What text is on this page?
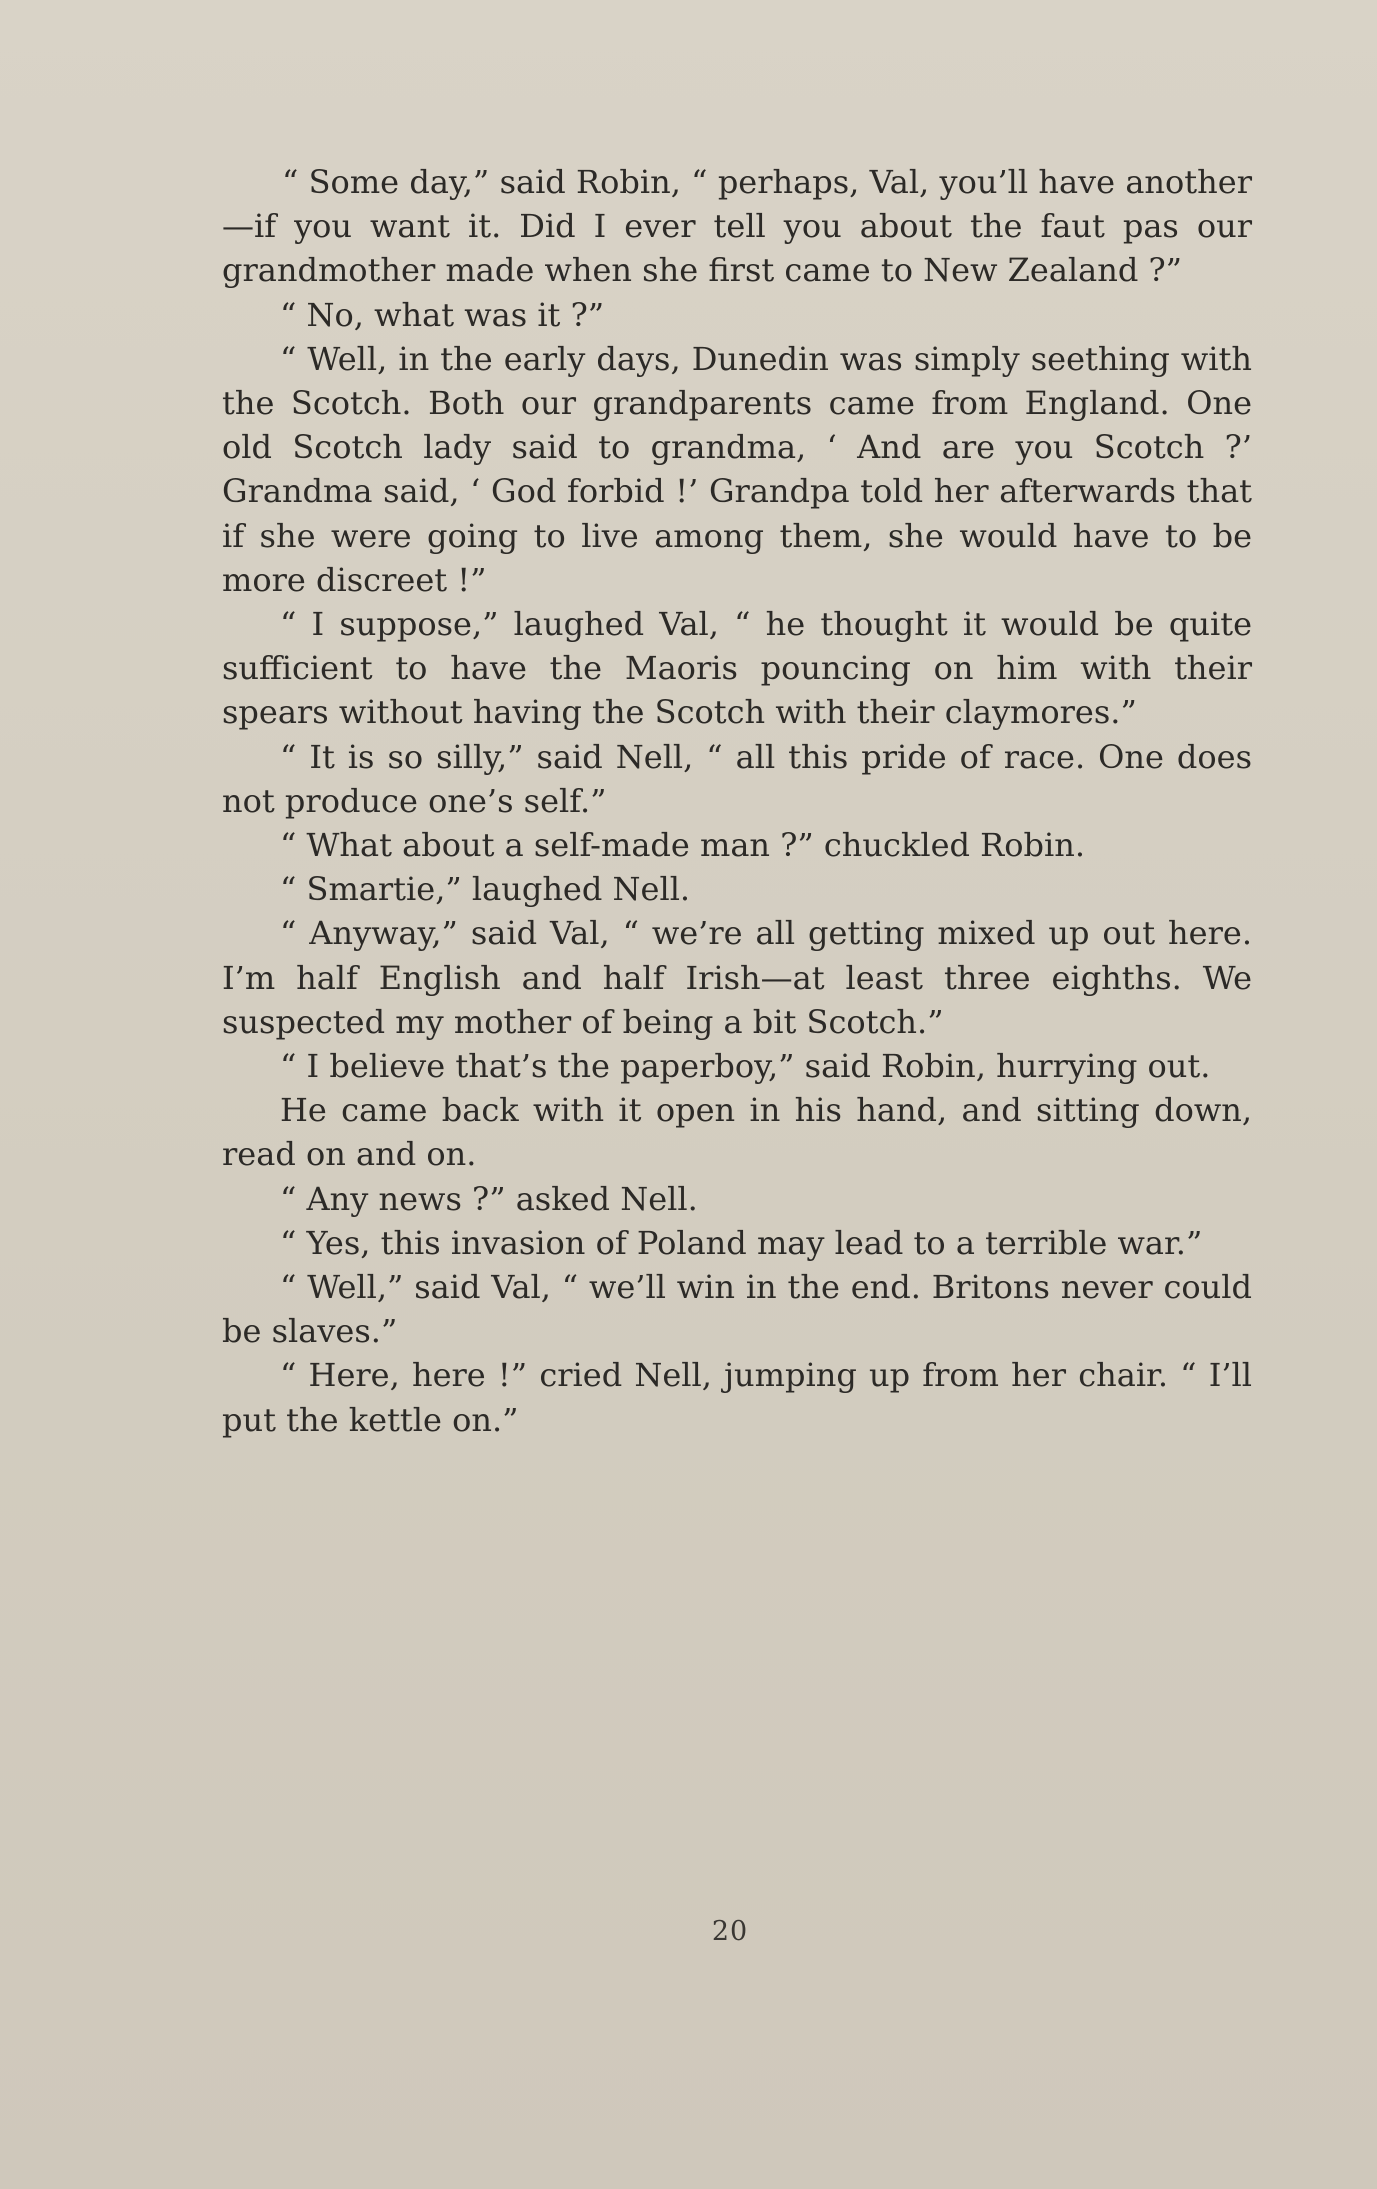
“ Some day,” said Robin, “ perhaps, Val, you’ll have another—if you want it. Did I ever tell you about the faut pas our grandmother made when she first came to New Zealand ?”

“ No, what was it ?”

“ Well, in the early days, Dunedin was simply seething with the Scotch. Both our grandparents came from England. One old Scotch lady said to grandma, ‘ And are you Scotch ?’ Grandma said, ‘ God forbid !’ Grandpa told her afterwards that if she were going to live among them, she would have to be more discreet !”

“ I suppose,” laughed Val, “ he thought it would be quite sufficient to have the Maoris pouncing on him with their spears without having the Scotch with their claymores.”

“ It is so silly,” said Nell, “ all this pride of race. One does not produce one’s self.”

“ What about a self-made man ?” chuckled Robin.

“ Smartie,” laughed Nell.

“ Anyway,” said Val, “ we’re all getting mixed up out here. I’m half English and half Irish—at least three eighths. We suspected my mother of being a bit Scotch.”

“ I believe that’s the paperboy,” said Robin, hurrying out.

He came back with it open in his hand, and sitting down, read on and on.

“ Any news ?” asked Nell.

“ Yes, this invasion of Poland may lead to a terrible war.”

“ Well,” said Val, “ we’ll win in the end. Britons never could be slaves.”

“ Here, here !” cried Nell, jumping up from her chair. “ I’ll put the kettle on.”

20
